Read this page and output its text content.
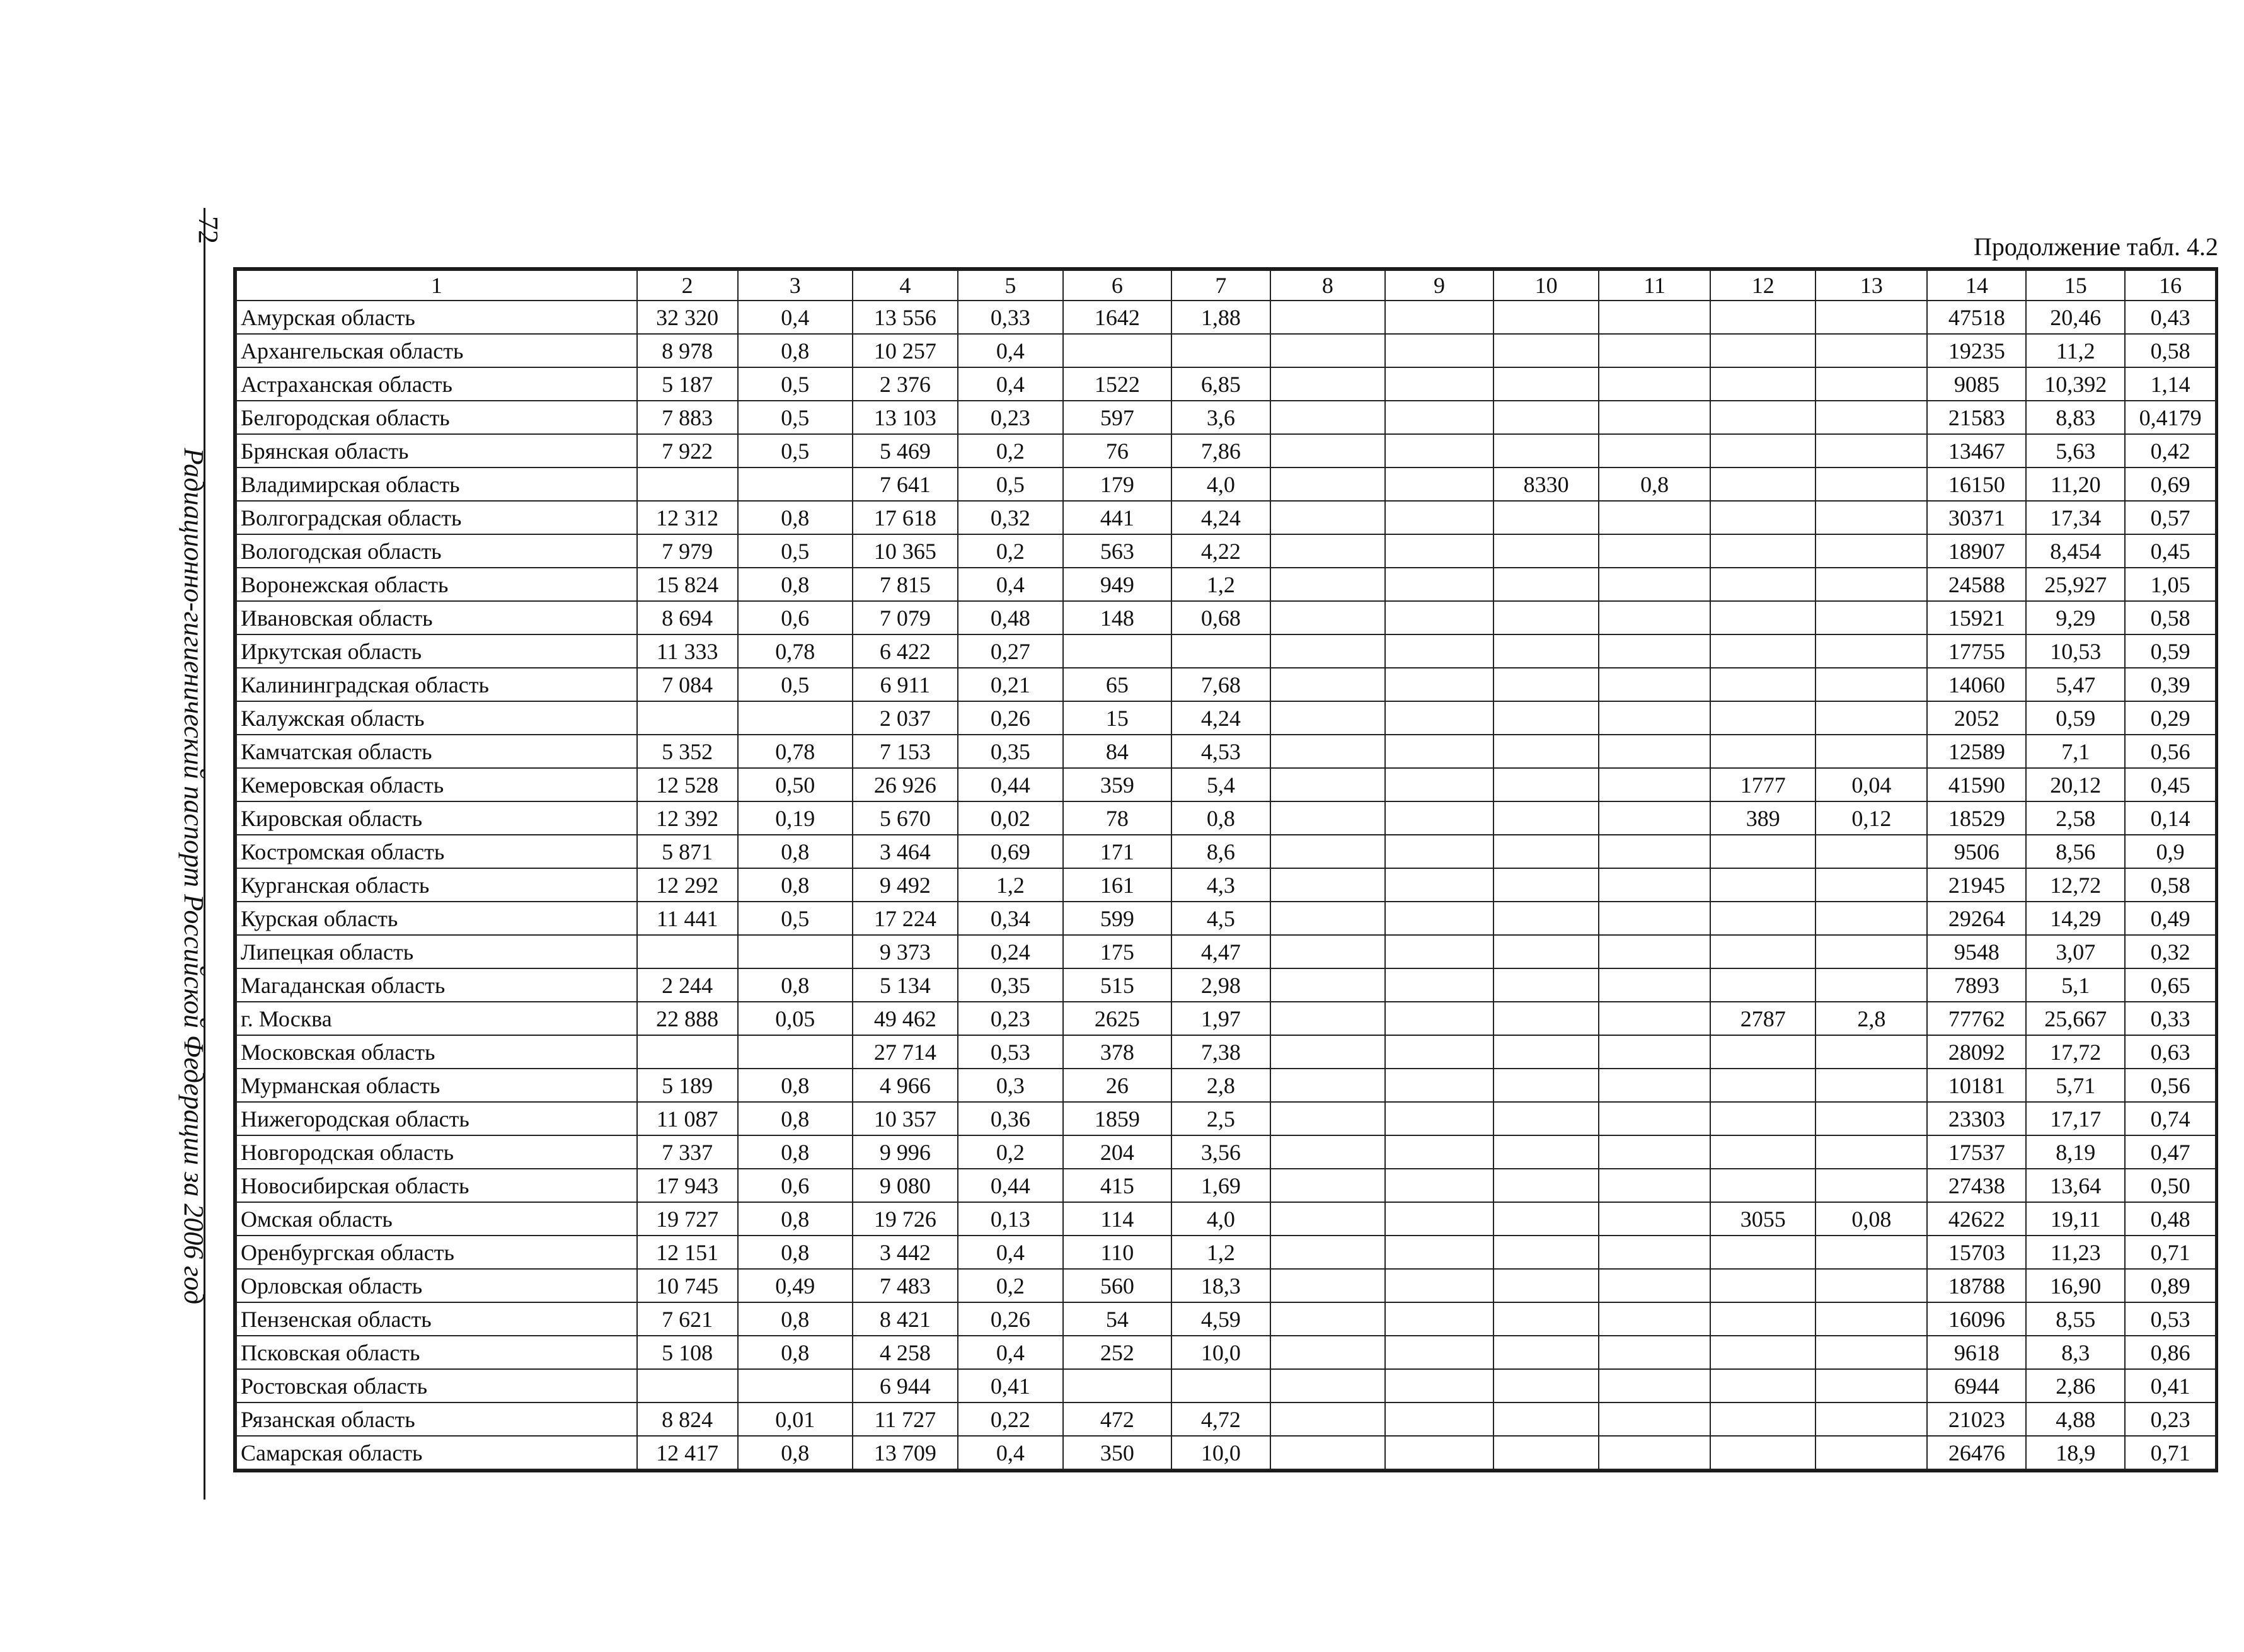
72
Радиационно-гигиенический паспорт Российской Федерации за 2006 год
Продолжение табл. 4.2
1	2	3	4	5	6	7	8	9	10	11	12	13	14	15	16
Амурская область	32 320	0,4	13 556	0,33	1642	1,88							47518	20,46	0,43
Архангельская область	8 978	0,8	10 257	0,4									19235	11,2	0,58
Астраханская область	5 187	0,5	2 376	0,4	1522	6,85							9085	10,392	1,14
Белгородская область	7 883	0,5	13 103	0,23	597	3,6							21583	8,83	0,4179
Брянская область	7 922	0,5	5 469	0,2	76	7,86							13467	5,63	0,42
Владимирская область			7 641	0,5	179	4,0			8330	0,8			16150	11,20	0,69
Волгоградская область	12 312	0,8	17 618	0,32	441	4,24							30371	17,34	0,57
Вологодская область	7 979	0,5	10 365	0,2	563	4,22							18907	8,454	0,45
Воронежская область	15 824	0,8	7 815	0,4	949	1,2							24588	25,927	1,05
Ивановская область	8 694	0,6	7 079	0,48	148	0,68							15921	9,29	0,58
Иркутская область	11 333	0,78	6 422	0,27									17755	10,53	0,59
Калининградская область	7 084	0,5	6 911	0,21	65	7,68							14060	5,47	0,39
Калужская область			2 037	0,26	15	4,24							2052	0,59	0,29
Камчатская область	5 352	0,78	7 153	0,35	84	4,53							12589	7,1	0,56
Кемеровская область	12 528	0,50	26 926	0,44	359	5,4					1777	0,04	41590	20,12	0,45
Кировская область	12 392	0,19	5 670	0,02	78	0,8					389	0,12	18529	2,58	0,14
Костромская область	5 871	0,8	3 464	0,69	171	8,6							9506	8,56	0,9
Курганская область	12 292	0,8	9 492	1,2	161	4,3							21945	12,72	0,58
Курская область	11 441	0,5	17 224	0,34	599	4,5							29264	14,29	0,49
Липецкая область			9 373	0,24	175	4,47							9548	3,07	0,32
Магаданская область	2 244	0,8	5 134	0,35	515	2,98							7893	5,1	0,65
г. Москва	22 888	0,05	49 462	0,23	2625	1,97					2787	2,8	77762	25,667	0,33
Московская область			27 714	0,53	378	7,38							28092	17,72	0,63
Мурманская область	5 189	0,8	4 966	0,3	26	2,8							10181	5,71	0,56
Нижегородская область	11 087	0,8	10 357	0,36	1859	2,5							23303	17,17	0,74
Новгородская область	7 337	0,8	9 996	0,2	204	3,56							17537	8,19	0,47
Новосибирская область	17 943	0,6	9 080	0,44	415	1,69							27438	13,64	0,50
Омская область	19 727	0,8	19 726	0,13	114	4,0					3055	0,08	42622	19,11	0,48
Оренбургская область	12 151	0,8	3 442	0,4	110	1,2							15703	11,23	0,71
Орловская область	10 745	0,49	7 483	0,2	560	18,3							18788	16,90	0,89
Пензенская область	7 621	0,8	8 421	0,26	54	4,59							16096	8,55	0,53
Псковская область	5 108	0,8	4 258	0,4	252	10,0							9618	8,3	0,86
Ростовская область			6 944	0,41									6944	2,86	0,41
Рязанская область	8 824	0,01	11 727	0,22	472	4,72							21023	4,88	0,23
Самарская область	12 417	0,8	13 709	0,4	350	10,0							26476	18,9	0,71
